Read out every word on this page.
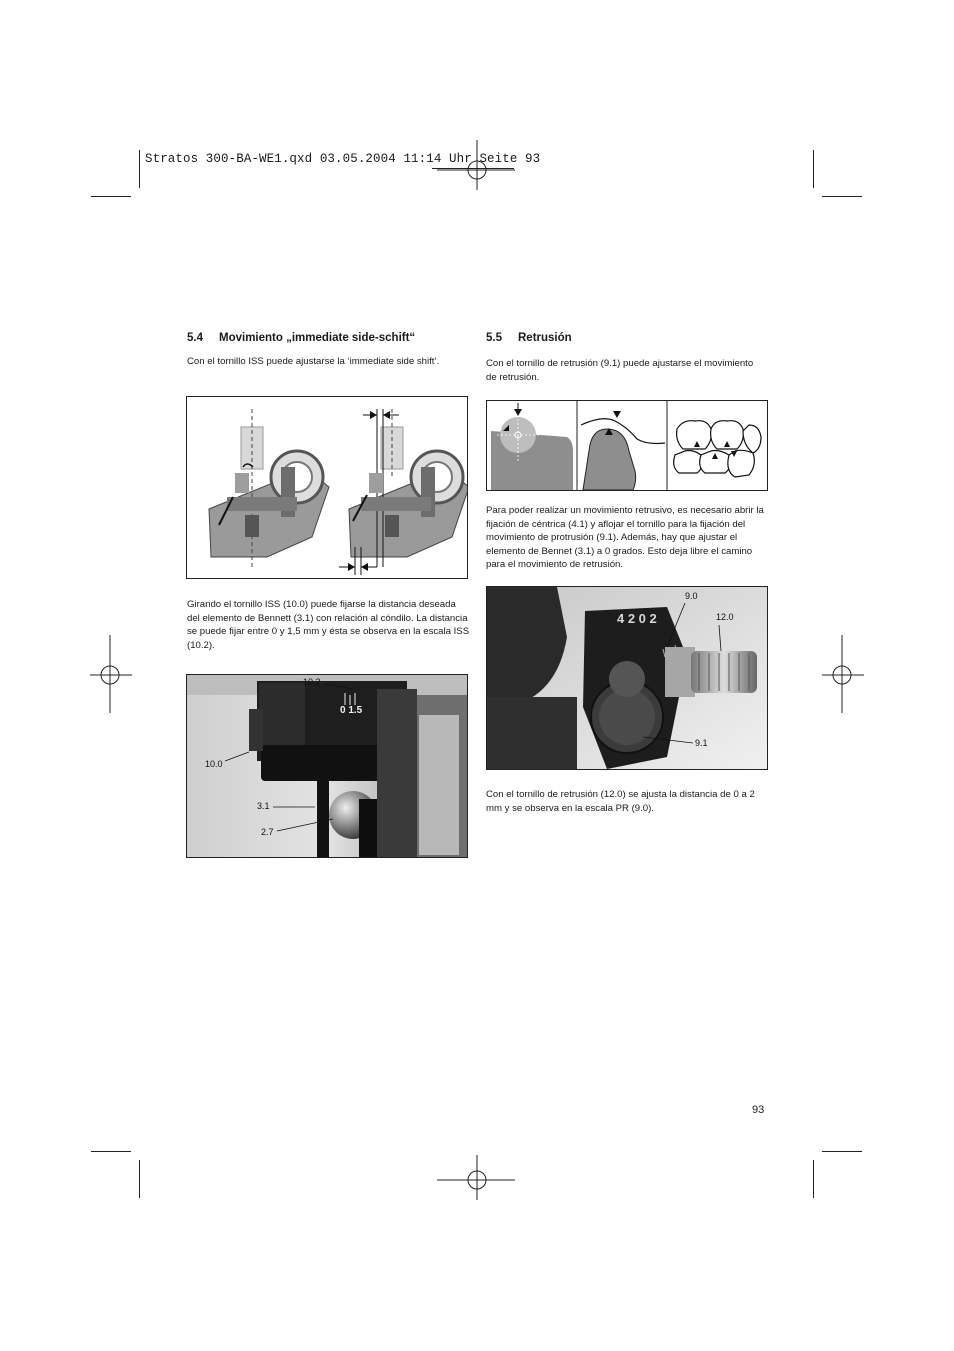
Stratos 300-BA-WE1.qxd 03.05.2004 11:14 Uhr Seite 93
5.4 Movimiento „immediate side-schift“
Con el tornillo ISS puede ajustarse la ‘immediate side shift’.
Girando el tornillo ISS (10.0) puede fijarse la distancia deseada del elemento de Bennett (3.1) con relación al cóndilo. La distancia se puede fijar entre 0 y 1,5 mm y ésta se observa en la escala ISS (10.2).
10.2
0 1.5
10.0
3.1
2.7
5.5 Retrusión
Con el tornillo de retrusión (9.1) puede ajustarse el movimiento de retrusión.
Para poder realizar un movimiento retrusivo, es necesario abrir la fijación de céntrica (4.1) y aflojar el tornillo para la fijación del movimiento de protrusión (9.1). Además, hay que ajustar el elemento de Bennet (3.1) a 0 grados. Esto deja libre el camino para el movimiento de retrusión.
4 2 0 2
9.0
12.0
9.1
Con el tornillo de retrusión (12.0) se ajusta la distancia de 0 a 2 mm y se observa en la escala PR (9.0).
93
